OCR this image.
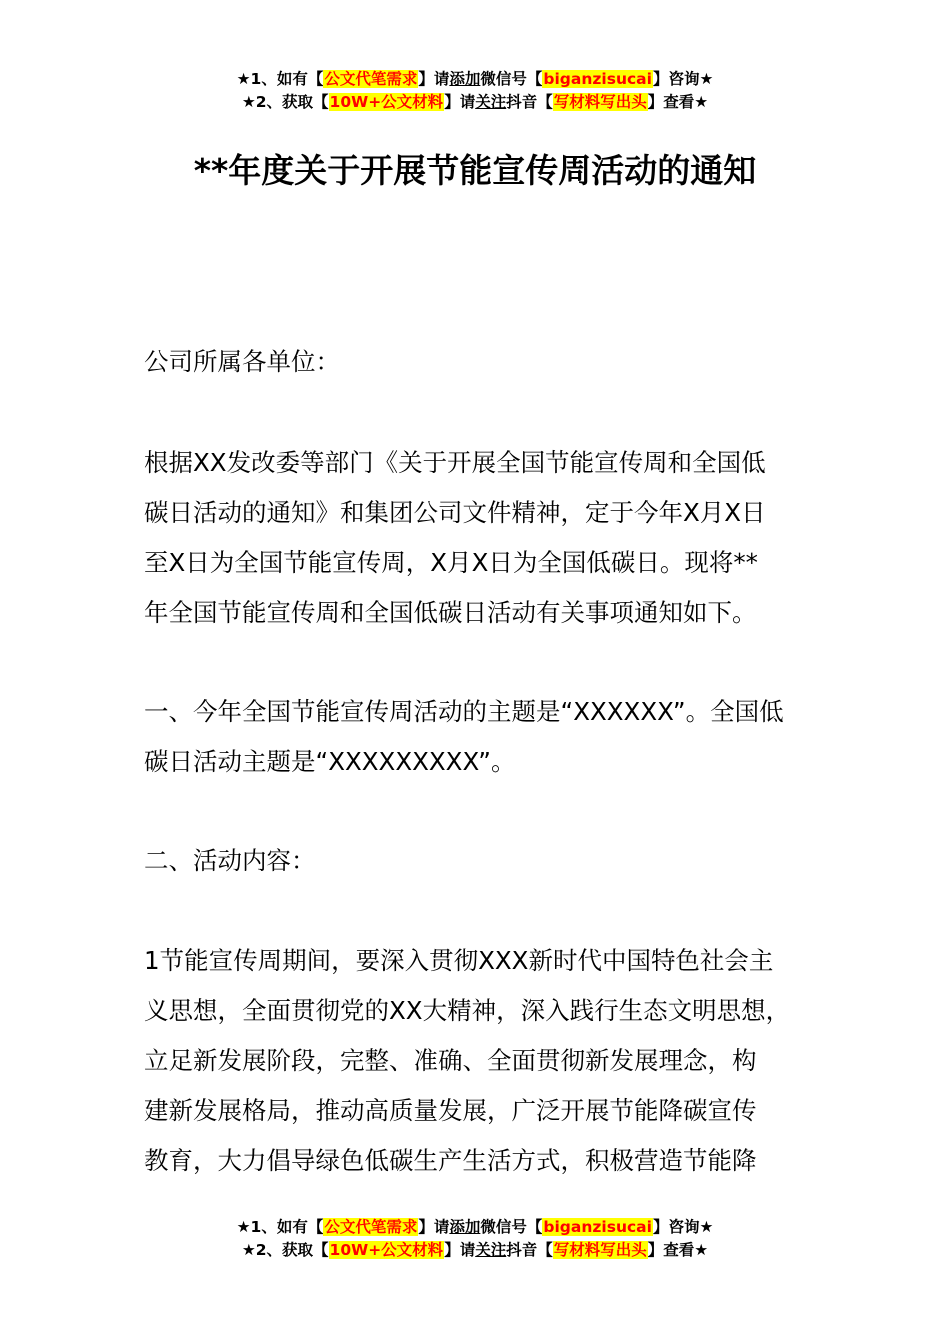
★1、如有【公文代笔需求】请添加微信号【biganzisucai】咨询★
★2、获取【10W+公文材料】请关注抖音【写材料写出头】查看★
**年度关于开展节能宣传周活动的通知
公司所属各单位：
根据XX发改委等部门《关于开展全国节能宣传周和全国低
碳日活动的通知》和集团公司文件精神，定于今年X月X日
至X日为全国节能宣传周，X月X日为全国低碳日。现将**
年全国节能宣传周和全国低碳日活动有关事项通知如下。
一、今年全国节能宣传周活动的主题是“XXXXXX”。全国低
碳日活动主题是“XXXXXXXXX”。
二、活动内容：
1节能宣传周期间，要深入贯彻XXX新时代中国特色社会主
义思想，全面贯彻党的XX大精神，深入践行生态文明思想，
立足新发展阶段，完整、准确、全面贯彻新发展理念，构
建新发展格局，推动高质量发展，广泛开展节能降碳宣传
教育，大力倡导绿色低碳生产生活方式，积极营造节能降
★1、如有【公文代笔需求】请添加微信号【biganzisucai】咨询★
★2、获取【10W+公文材料】请关注抖音【写材料写出头】查看★
